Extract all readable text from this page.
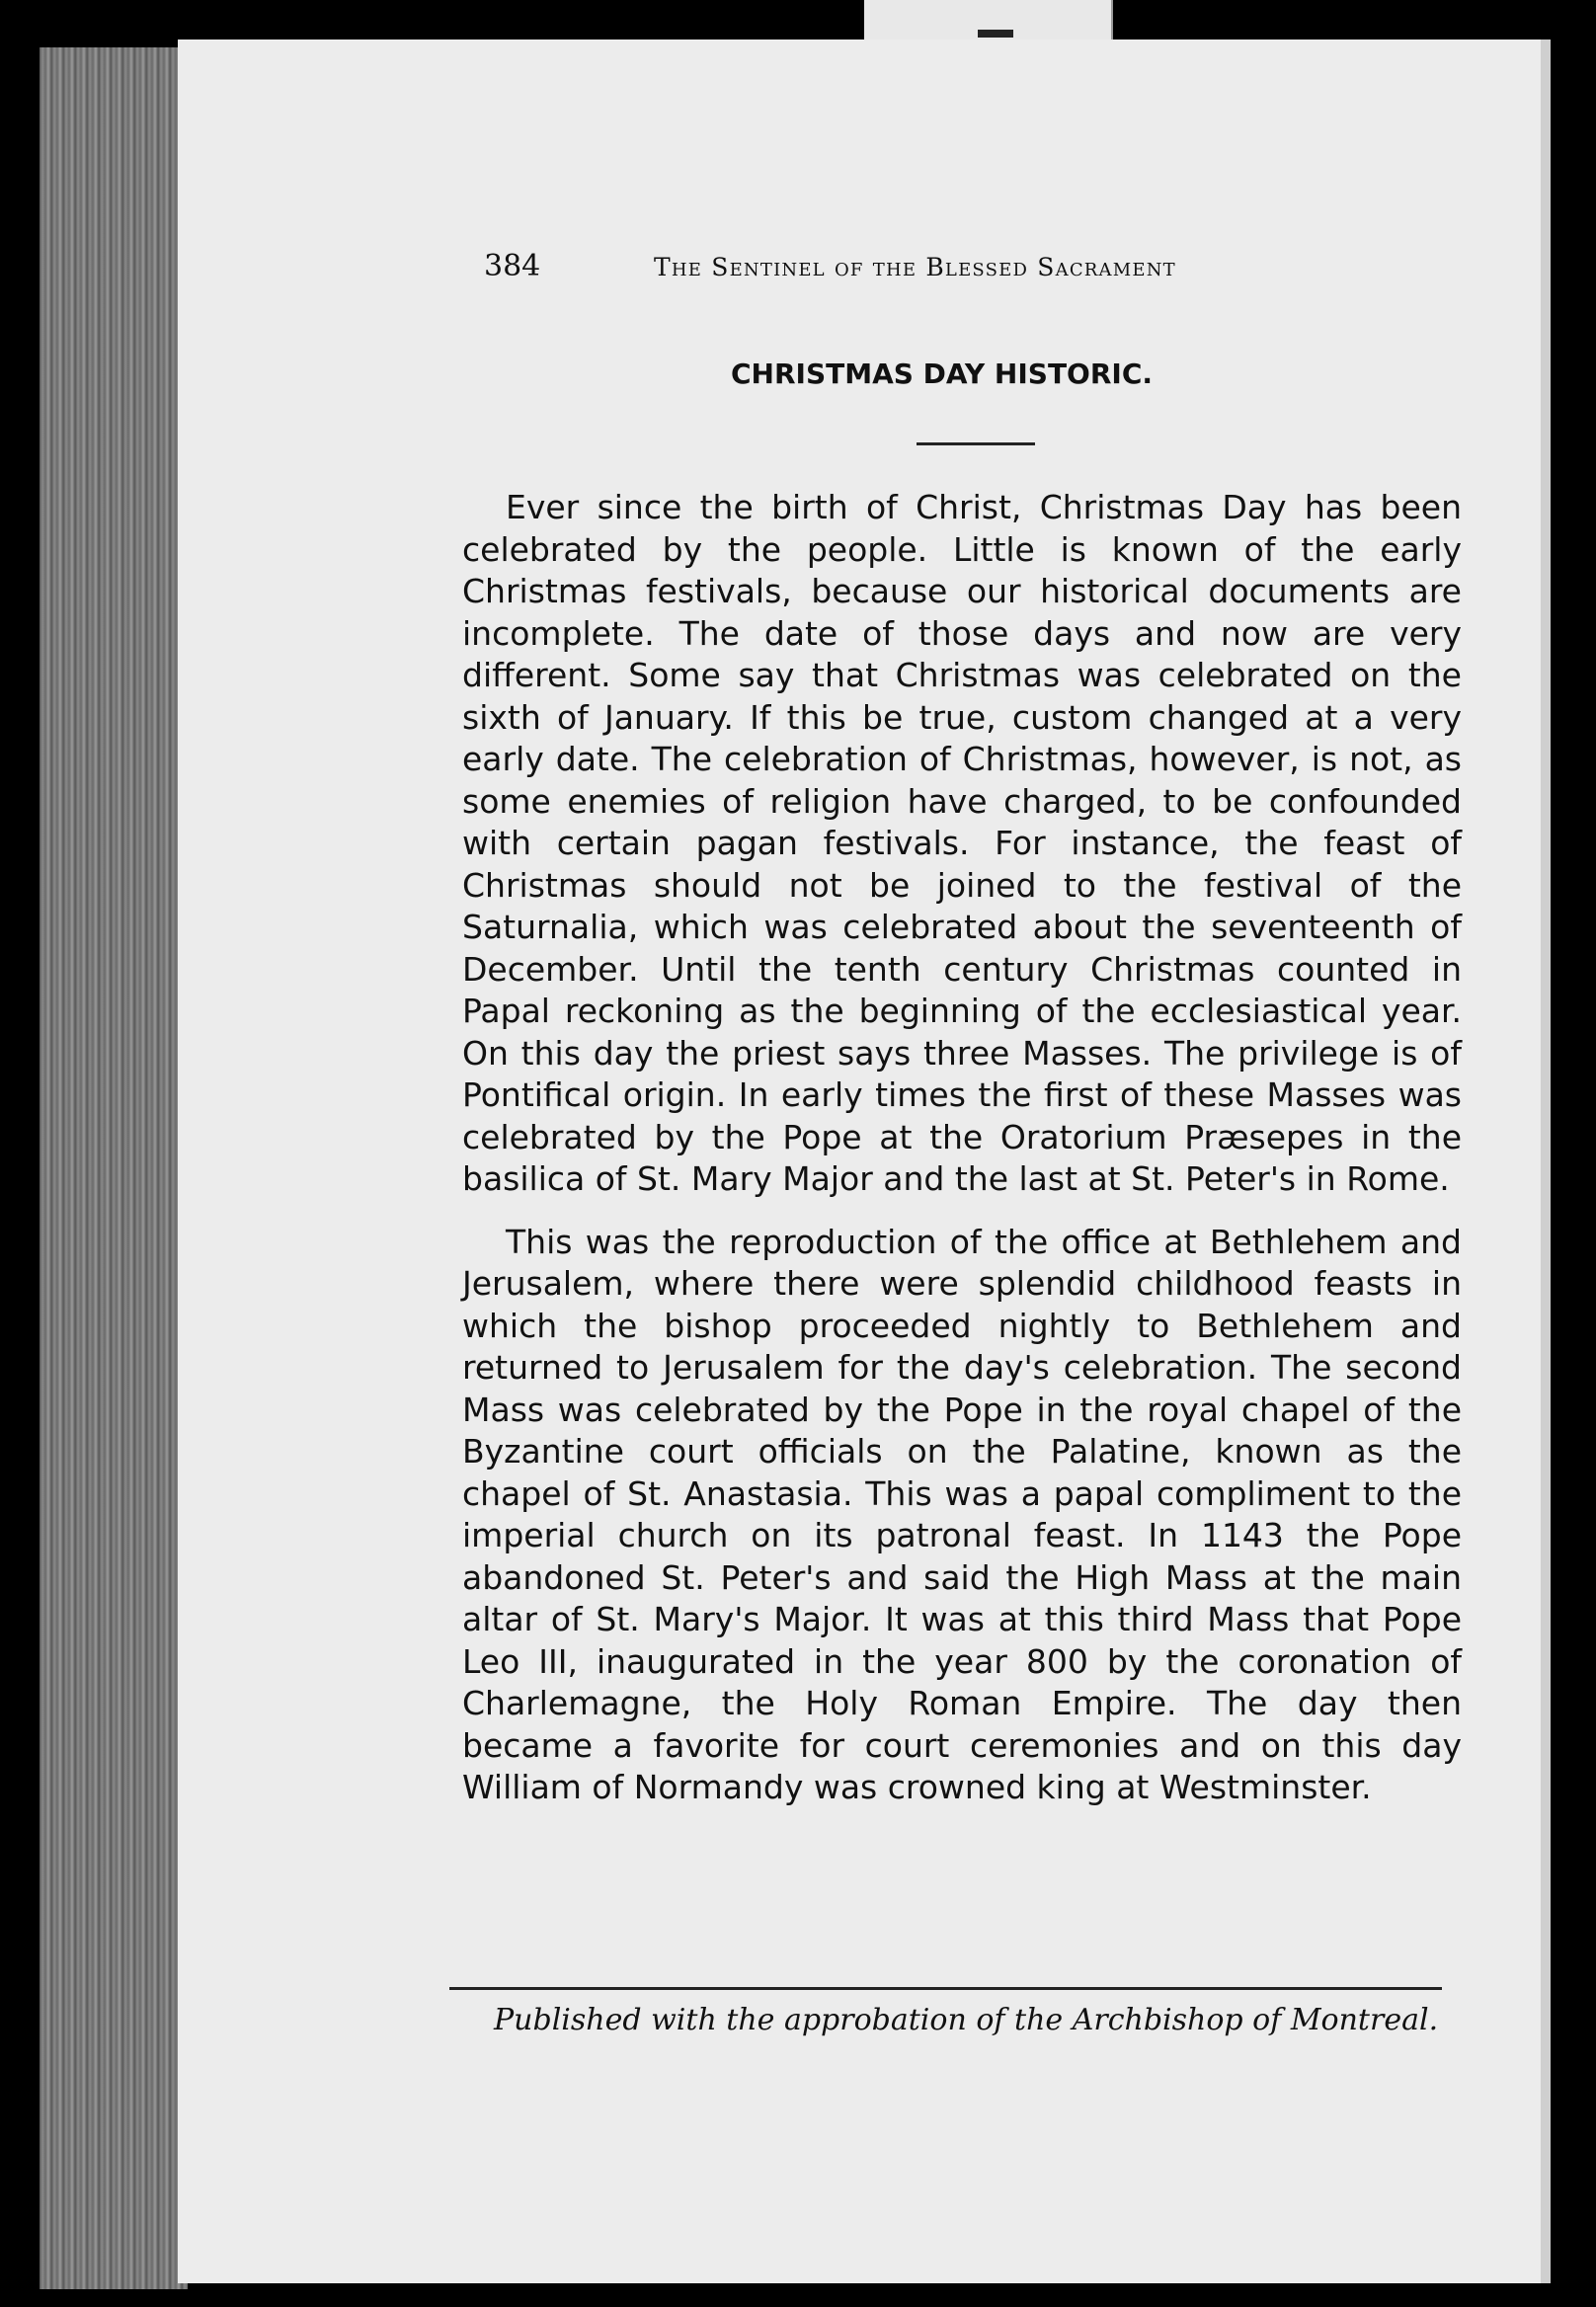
384	The Sentinel of the Blessed Sacrament
CHRISTMAS DAY HISTORIC.

Ever since the birth of Christ, Christmas Day has been celebrated by the people. Little is known of the early Christmas festivals, because our historical documents are incomplete. The date of those days and now are very different. Some say that Christmas was celebrated on the sixth of January. If this be true, custom changed at a very early date. The celebration of Christmas, however, is not, as some enemies of religion have charged, to be confounded with certain pagan festivals. For instance, the feast of Christmas should not be joined to the festival of the Saturnalia, which was celebrated about the seventeenth of December. Until the tenth century Christmas counted in Papal reckoning as the beginning of the ecclesiastical year. On this day the priest says three Masses. The privilege is of Pontifical origin. In early times the first of these Masses was celebrated by the Pope at the Oratorium Præsepes in the basilica of St. Mary Major and the last at St. Peter's in Rome.

This was the reproduction of the office at Bethlehem and Jerusalem, where there were splendid childhood feasts in which the bishop proceeded nightly to Bethlehem and returned to Jerusalem for the day's celebration. The second Mass was celebrated by the Pope in the royal chapel of the Byzantine court officials on the Palatine, known as the chapel of St. Anastasia. This was a papal compliment to the imperial church on its patronal feast. In 1143 the Pope abandoned St. Peter's and said the High Mass at the main altar of St. Mary's Major. It was at this third Mass that Pope Leo III, inaugurated in the year 800 by the coronation of Charlemagne, the Holy Roman Empire. The day then became a favorite for court ceremonies and on this day William of Normandy was crowned king at Westminster.

Published with the approbation of the Archbishop of Montreal.
